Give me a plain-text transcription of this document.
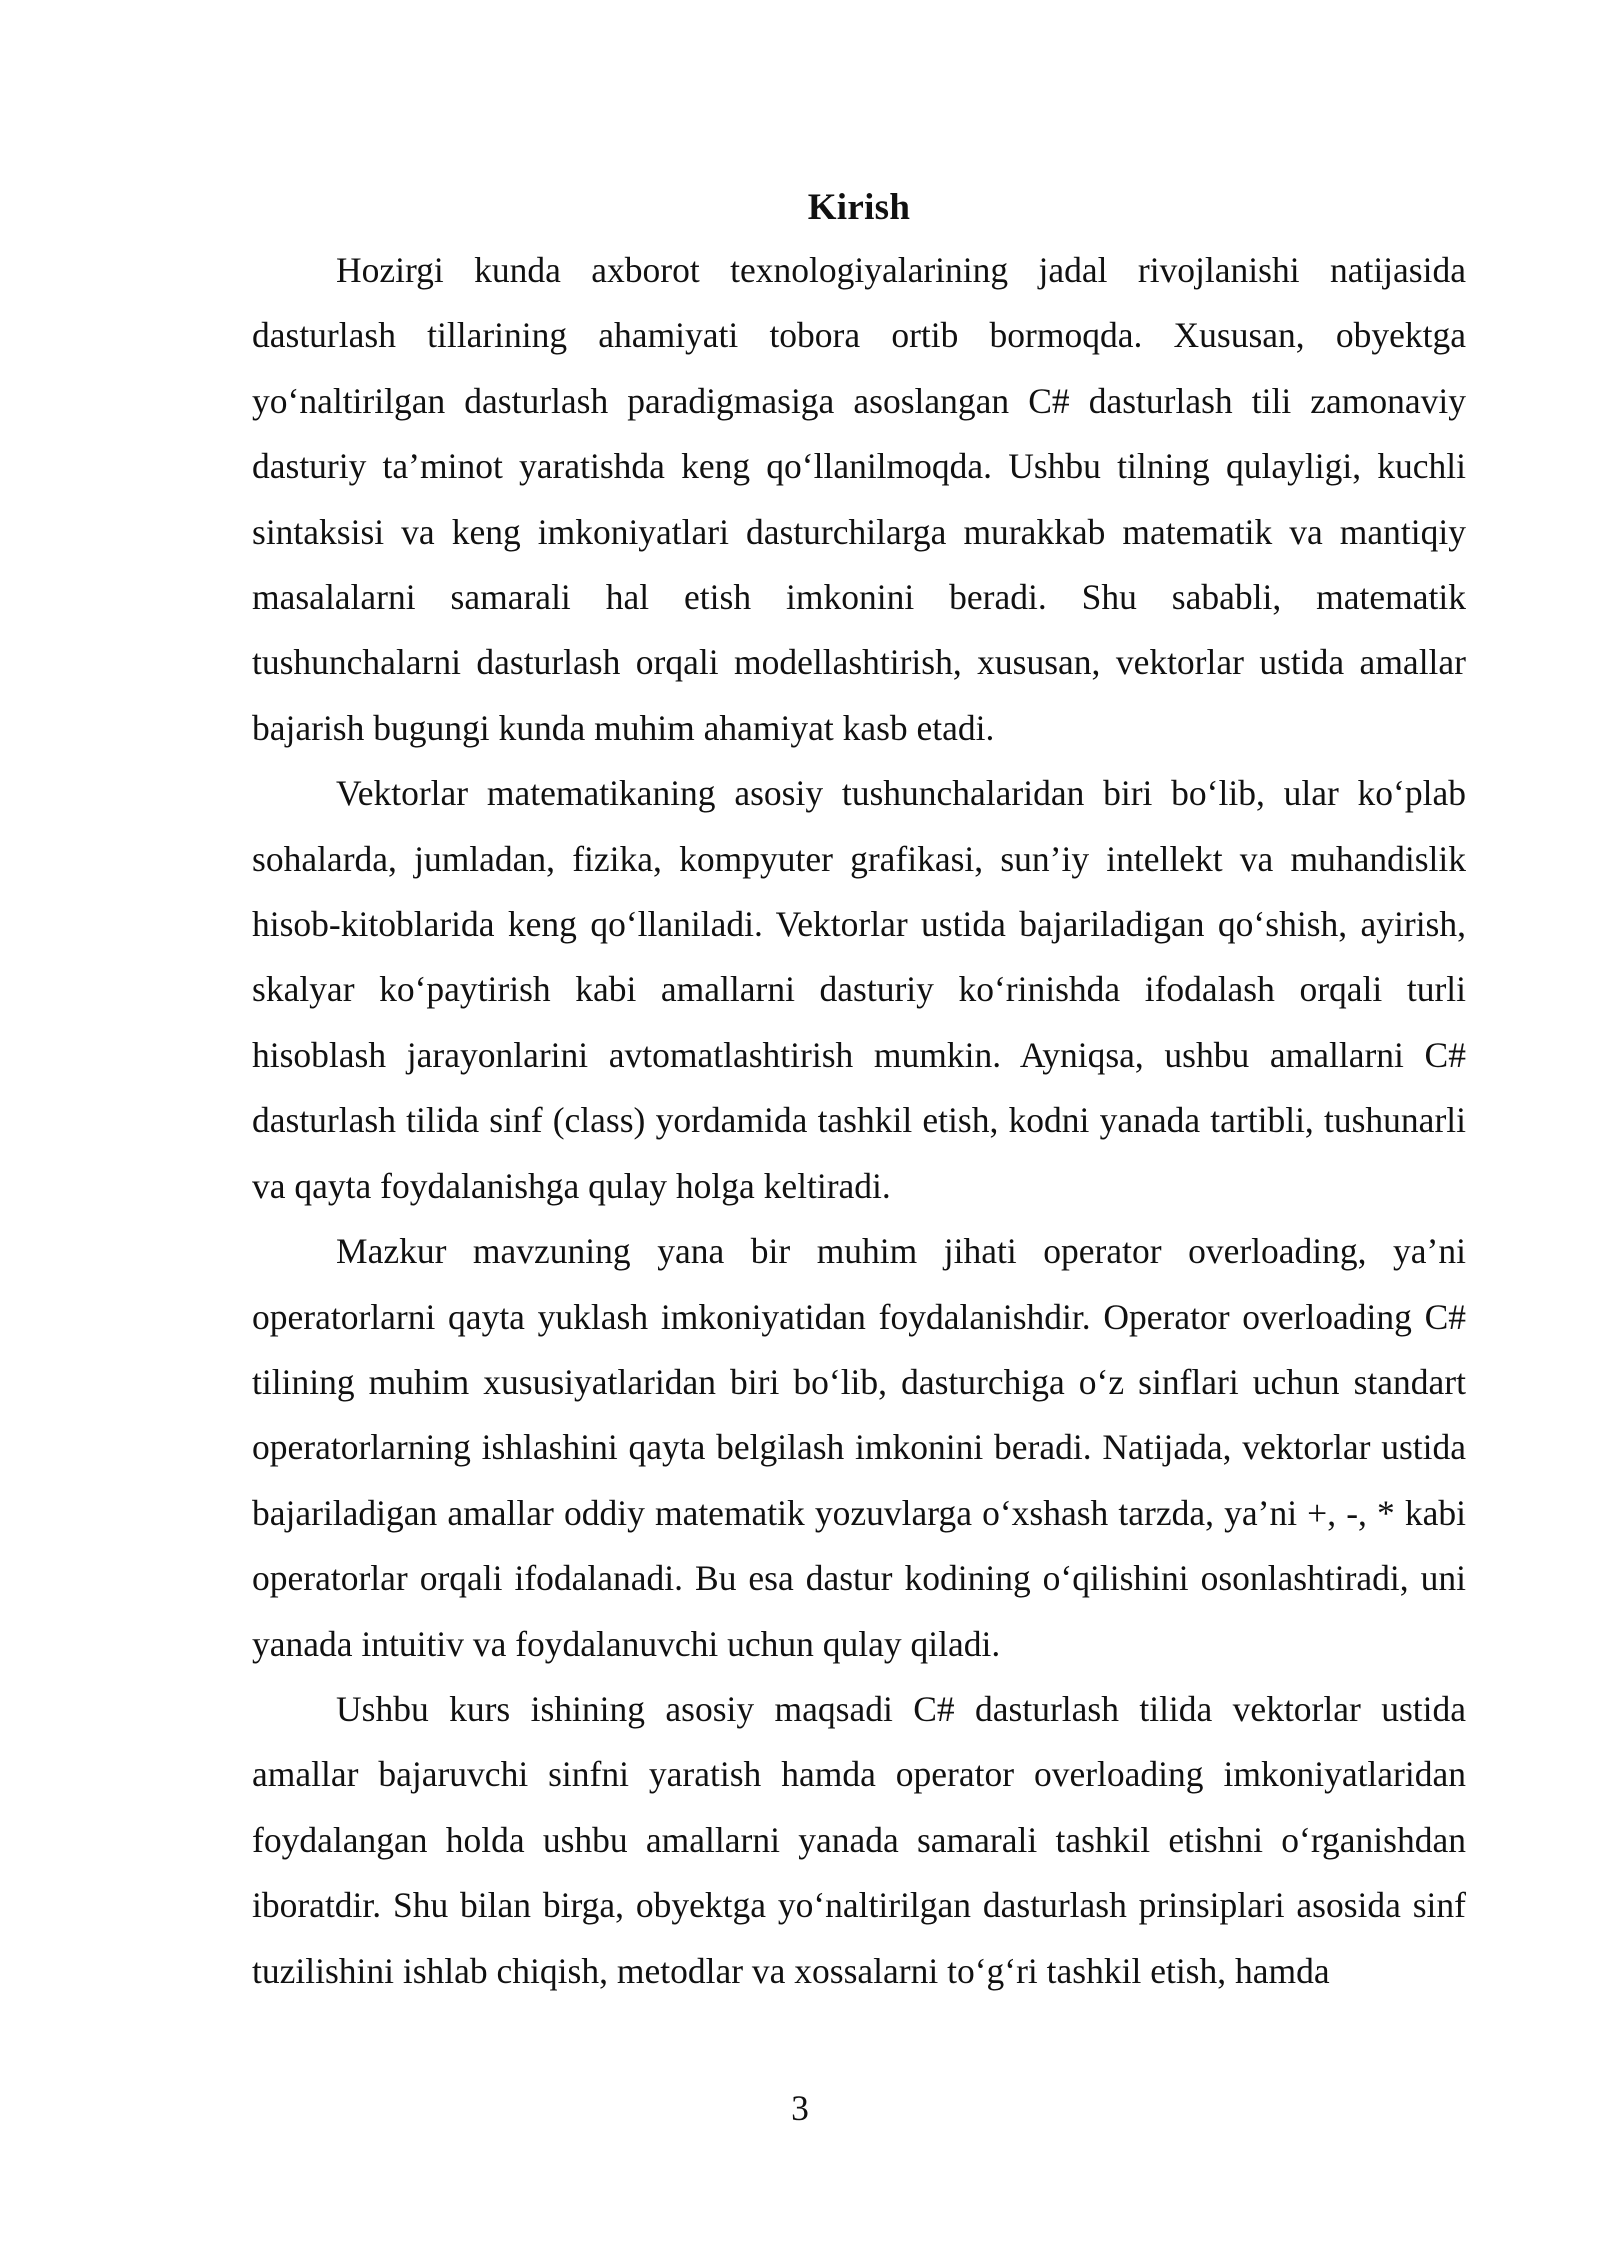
Kirish

Hozirgi kunda axborot texnologiyalarining jadal rivojlanishi natijasida dasturlash tillarining ahamiyati tobora ortib bormoqda. Xususan, obyektga yo‘naltirilgan dasturlash paradigmasiga asoslangan C# dasturlash tili zamonaviy dasturiy ta’minot yaratishda keng qo‘llanilmoqda. Ushbu tilning qulayligi, kuchli sintaksisi va keng imkoniyatlari dasturchilarga murakkab matematik va mantiqiy masalalarni samarali hal etish imkonini beradi. Shu sababli, matematik tushunchalarni dasturlash orqali modellashtirish, xususan, vektorlar ustida amallar bajarish bugungi kunda muhim ahamiyat kasb etadi.

Vektorlar matematikaning asosiy tushunchalaridan biri bo‘lib, ular ko‘plab sohalarda, jumladan, fizika, kompyuter grafikasi, sun’iy intellekt va muhandislik hisob-kitoblarida keng qo‘llaniladi. Vektorlar ustida bajariladigan qo‘shish, ayirish, skalyar ko‘paytirish kabi amallarni dasturiy ko‘rinishda ifodalash orqali turli hisoblash jarayonlarini avtomatlashtirish mumkin. Ayniqsa, ushbu amallarni C# dasturlash tilida sinf (class) yordamida tashkil etish, kodni yanada tartibli, tushunarli va qayta foydalanishga qulay holga keltiradi.

Mazkur mavzuning yana bir muhim jihati operator overloading, ya’ni operatorlarni qayta yuklash imkoniyatidan foydalanishdir. Operator overloading C# tilining muhim xususiyatlaridan biri bo‘lib, dasturchiga o‘z sinflari uchun standart operatorlarning ishlashini qayta belgilash imkonini beradi. Natijada, vektorlar ustida bajariladigan amallar oddiy matematik yozuvlarga o‘xshash tarzda, ya’ni +, -, * kabi operatorlar orqali ifodalanadi. Bu esa dastur kodining o‘qilishini osonlashtiradi, uni yanada intuitiv va foydalanuvchi uchun qulay qiladi.

Ushbu kurs ishining asosiy maqsadi C# dasturlash tilida vektorlar ustida amallar bajaruvchi sinfni yaratish hamda operator overloading imkoniyatlaridan foydalangan holda ushbu amallarni yanada samarali tashkil etishni o‘rganishdan iboratdir. Shu bilan birga, obyektga yo‘naltirilgan dasturlash prinsiplari asosida sinf tuzilishini ishlab chiqish, metodlar va xossalarni to‘g‘ri tashkil etish, hamda

3
